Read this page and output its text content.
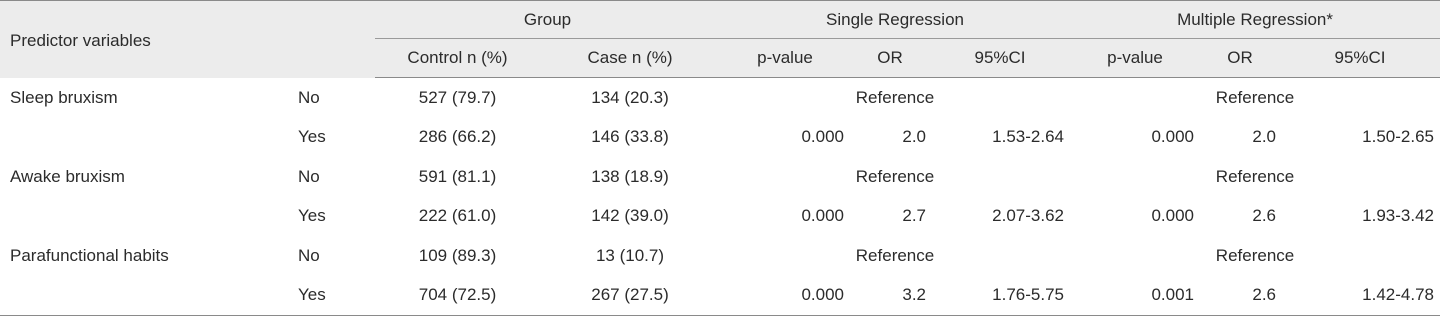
Predictor variables		Group		Single Regression			Multiple Regression*		
		Control n (%)	Case n (%)	p-value	OR	95%CI	p-value	OR	95%CI
Sleep bruxism	No	527 (79.7)	134 (20.3)	Reference			Reference		
	Yes	286 (66.2)	146 (33.8)	0.000	2.0	1.53-2.64	0.000	2.0	1.50-2.65
Awake bruxism	No	591 (81.1)	138 (18.9)	Reference			Reference		
	Yes	222 (61.0)	142 (39.0)	0.000	2.7	2.07-3.62	0.000	2.6	1.93-3.42
Parafunctional habits	No	109 (89.3)	13 (10.7)	Reference			Reference		
	Yes	704 (72.5)	267 (27.5)	0.000	3.2	1.76-5.75	0.001	2.6	1.42-4.78
